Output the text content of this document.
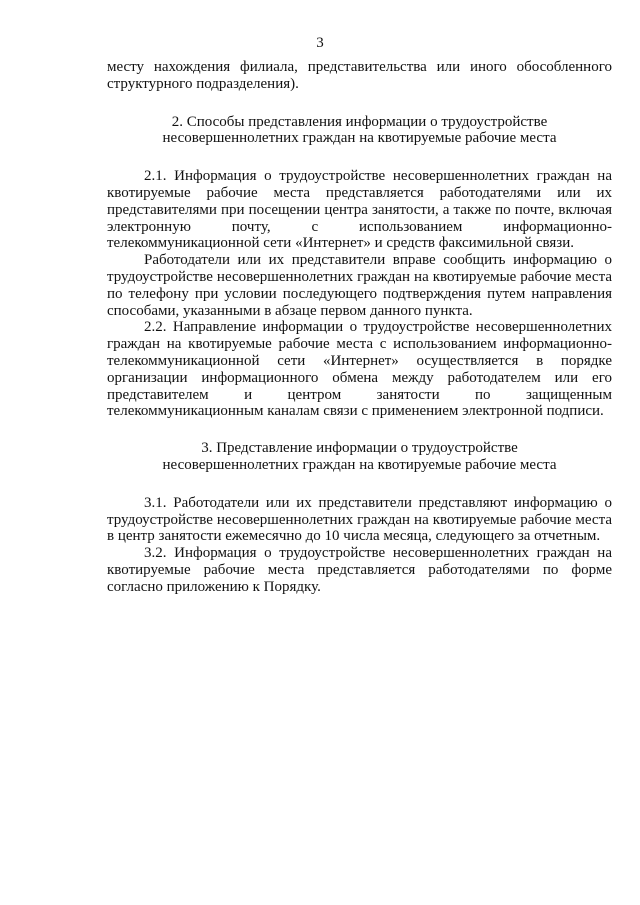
3

месту нахождения филиала, представительства или иного обособленного структурного подразделения).

2. Способы представления информации о трудоустройстве
несовершеннолетних граждан на квотируемые рабочие места

2.1. Информация о трудоустройстве несовершеннолетних граждан на квотируемые рабочие места представляется работодателями или их представителями при посещении центра занятости, а также по почте, включая электронную почту, с использованием информационно-телекоммуникационной сети «Интернет» и средств факсимильной связи.

Работодатели или их представители вправе сообщить информацию о трудоустройстве несовершеннолетних граждан на квотируемые рабочие места по телефону при условии последующего подтверждения путем направления способами, указанными в абзаце первом данного пункта.

2.2. Направление информации о трудоустройстве несовершеннолетних граждан на квотируемые рабочие места с использованием информационно-телекоммуникационной сети «Интернет» осуществляется в порядке организации информационного обмена между работодателем или его представителем и центром занятости по защищенным телекоммуникационным каналам связи с применением электронной подписи.

3. Представление информации о трудоустройстве
несовершеннолетних граждан на квотируемые рабочие места

3.1. Работодатели или их представители представляют информацию о трудоустройстве несовершеннолетних граждан на квотируемые рабочие места в центр занятости ежемесячно до 10 числа месяца, следующего за отчетным.

3.2. Информация о трудоустройстве несовершеннолетних граждан на квотируемые рабочие места представляется работодателями по форме согласно приложению к Порядку.
